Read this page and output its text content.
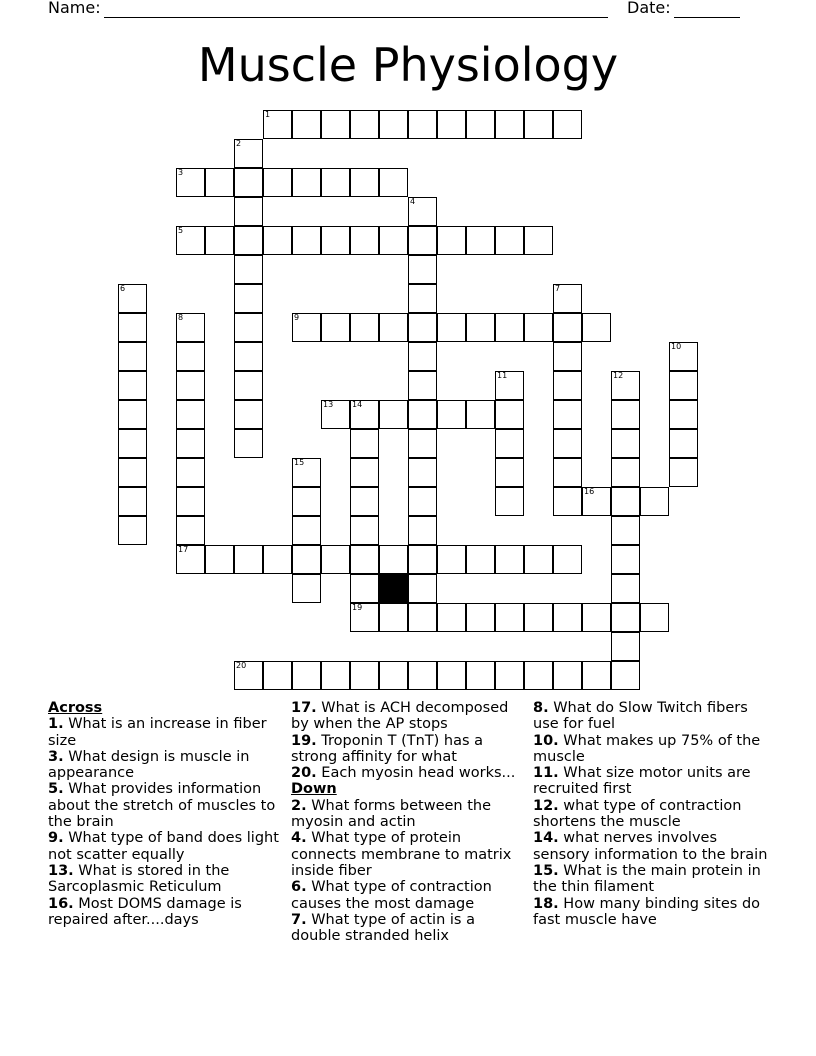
Name:	Date:
Muscle Physiology
1
3
5
9
13 14
16
17
19
20
2
4
6	7
8
10
11	12
15
Across

1. What is an increase in fiber size

3. What design is muscle in appearance

5. What provides information about the stretch of muscles to the brain

9. What type of band does light not scatter equally

13. What is stored in the Sarcoplasmic Reticulum

16. Most DOMS damage is repaired after....days

17. What is ACH decomposed by when the AP stops

19. Troponin T (TnT) has a strong affinity for what

20. Each myosin head works...

Down

2. What forms between the myosin and actin

4. What type of protein connects membrane to matrix inside fiber

6. What type of contraction causes the most damage

7. What type of actin is a double stranded helix

8. What do Slow Twitch fibers use for fuel

10. What makes up 75% of the muscle

11. What size motor units are recruited first

12. what type of contraction shortens the muscle

14. what nerves involves sensory information to the brain

15. What is the main protein in the thin filament

18. How many binding sites do fast muscle have
